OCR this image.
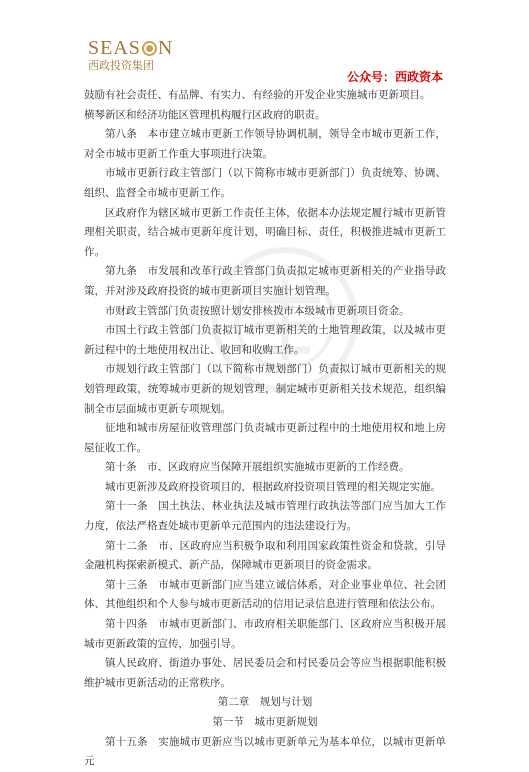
SEAS N
西政投资集团
公众号：西政资本

鼓励有社会责任、有品牌、有实力、有经验的开发企业实施城市更新项目。

横琴新区和经济功能区管理机构履行区政府的职责。

第八条　本市建立城市更新工作领导协调机制，领导全市城市更新工作，对全市城市更新工作重大事项进行决策。

市城市更新行政主管部门（以下简称市城市更新部门）负责统筹、协调、组织、监督全市城市更新工作。

区政府作为辖区城市更新工作责任主体，依据本办法规定履行城市更新管理相关职责，结合城市更新年度计划，明确目标、责任，积极推进城市更新工作。

第九条　市发展和改革行政主管部门负责拟定城市更新相关的产业指导政策，并对涉及政府投资的城市更新项目实施计划管理。

市财政主管部门负责按照计划安排核拨市本级城市更新项目资金。

市国土行政主管部门负责拟订城市更新相关的土地管理政策，以及城市更新过程中的土地使用权出让、收回和收购工作。

市规划行政主管部门（以下简称市规划部门）负责拟订城市更新相关的规划管理政策，统筹城市更新的规划管理，制定城市更新相关技术规范，组织编制全市层面城市更新专项规划。

征地和城市房屋征收管理部门负责城市更新过程中的土地使用权和地上房屋征收工作。

第十条　市、区政府应当保障开展组织实施城市更新的工作经费。

城市更新涉及政府投资项目的，根据政府投资项目管理的相关规定实施。

第十一条　国土执法、林业执法及城市管理行政执法等部门应当加大工作力度，依法严格查处城市更新单元范围内的违法建设行为。

第十二条　市、区政府应当积极争取和利用国家政策性资金和贷款，引导金融机构探索新模式、新产品，保障城市更新项目的资金需求。

第十三条　市城市更新部门应当建立诚信体系，对企业事业单位、社会团体、其他组织和个人参与城市更新活动的信用记录信息进行管理和依法公布。

第十四条　市城市更新部门、市政府相关职能部门、区政府应当积极开展城市更新政策的宣传，加强引导。

镇人民政府、街道办事处、居民委员会和村民委员会等应当根据职能积极维护城市更新活动的正常秩序。

第二章　规划与计划

第一节　城市更新规划

第十五条　实施城市更新应当以城市更新单元为基本单位，以城市更新单元
